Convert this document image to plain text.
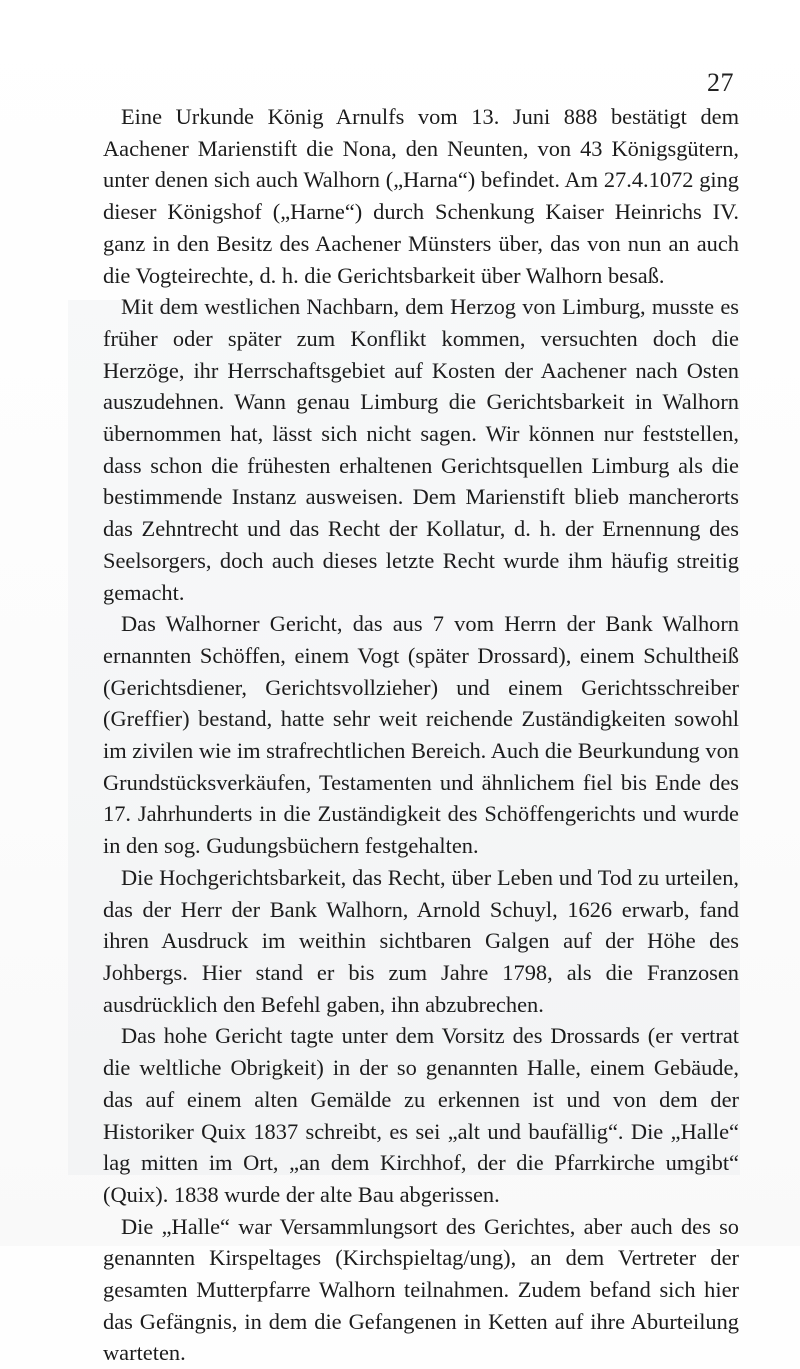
27

Eine Urkunde König Arnulfs vom 13. Juni 888 bestätigt dem Aachener Marienstift die Nona, den Neunten, von 43 Königsgütern, unter denen sich auch Walhorn („Harna“) befindet. Am 27.4.1072 ging dieser Königshof („Harne“) durch Schenkung Kaiser Heinrichs IV. ganz in den Besitz des Aachener Münsters über, das von nun an auch die Vogteirechte, d. h. die Gerichtsbarkeit über Walhorn besaß.

Mit dem westlichen Nachbarn, dem Herzog von Limburg, musste es früher oder später zum Konflikt kommen, versuchten doch die Herzöge, ihr Herrschaftsgebiet auf Kosten der Aachener nach Osten auszudehnen. Wann genau Limburg die Gerichtsbarkeit in Walhorn übernommen hat, lässt sich nicht sagen. Wir können nur feststellen, dass schon die frühesten erhaltenen Gerichtsquellen Limburg als die bestimmende Instanz ausweisen. Dem Marienstift blieb mancherorts das Zehntrecht und das Recht der Kollatur, d. h. der Ernennung des Seelsorgers, doch auch dieses letzte Recht wurde ihm häufig streitig gemacht.

Das Walhorner Gericht, das aus 7 vom Herrn der Bank Walhorn ernannten Schöffen, einem Vogt (später Drossard), einem Schultheiß (Gerichtsdiener, Gerichtsvollzieher) und einem Gerichtsschreiber (Greffier) bestand, hatte sehr weit reichende Zuständigkeiten sowohl im zivilen wie im strafrechtlichen Bereich. Auch die Beurkundung von Grundstücksverkäufen, Testamenten und ähnlichem fiel bis Ende des 17. Jahrhunderts in die Zuständigkeit des Schöffengerichts und wurde in den sog. Gudungsbüchern festgehalten.

Die Hochgerichtsbarkeit, das Recht, über Leben und Tod zu urteilen, das der Herr der Bank Walhorn, Arnold Schuyl, 1626 erwarb, fand ihren Ausdruck im weithin sichtbaren Galgen auf der Höhe des Johbergs. Hier stand er bis zum Jahre 1798, als die Franzosen ausdrücklich den Befehl gaben, ihn abzubrechen.

Das hohe Gericht tagte unter dem Vorsitz des Drossards (er vertrat die weltliche Obrigkeit) in der so genannten Halle, einem Gebäude, das auf einem alten Gemälde zu erkennen ist und von dem der Historiker Quix 1837 schreibt, es sei „alt und baufällig“. Die „Halle“ lag mitten im Ort, „an dem Kirchhof, der die Pfarrkirche umgibt“ (Quix). 1838 wurde der alte Bau abgerissen.

Die „Halle“ war Versammlungsort des Gerichtes, aber auch des so genannten Kirspeltages (Kirchspieltag/ung), an dem Vertreter der gesamten Mutterpfarre Walhorn teilnahmen. Zudem befand sich hier das Gefängnis, in dem die Gefangenen in Ketten auf ihre Aburteilung warteten.
